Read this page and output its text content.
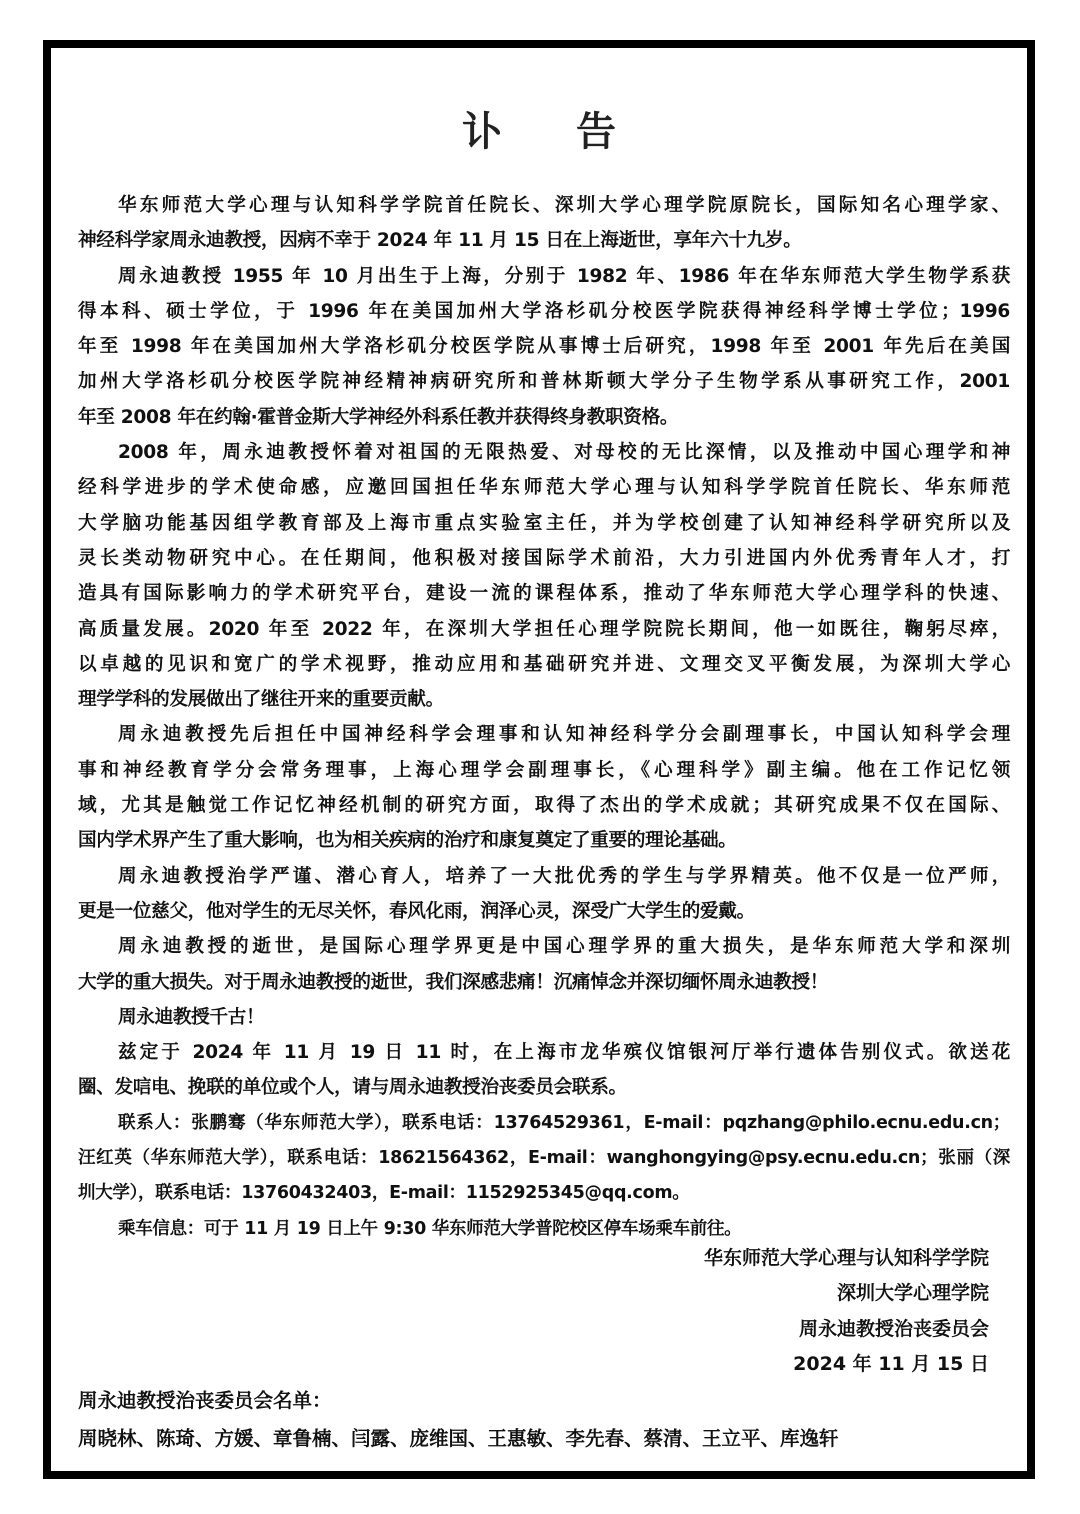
讣告
华东师范大学心理与认知科学学院首任院长、深圳大学心理学院原院长，国际知名心理学家、
神经科学家周永迪教授，因病不幸于 2024 年 11 月 15 日在上海逝世，享年六十九岁。
周永迪教授 1955 年 10 月出生于上海，分别于 1982 年、1986 年在华东师范大学生物学系获
得本科、硕士学位，于 1996 年在美国加州大学洛杉矶分校医学院获得神经科学博士学位；1996
年至 1998 年在美国加州大学洛杉矶分校医学院从事博士后研究，1998 年至 2001 年先后在美国
加州大学洛杉矶分校医学院神经精神病研究所和普林斯顿大学分子生物学系从事研究工作，2001
年至 2008 年在约翰·霍普金斯大学神经外科系任教并获得终身教职资格。
2008 年，周永迪教授怀着对祖国的无限热爱、对母校的无比深情，以及推动中国心理学和神
经科学进步的学术使命感，应邀回国担任华东师范大学心理与认知科学学院首任院长、华东师范
大学脑功能基因组学教育部及上海市重点实验室主任，并为学校创建了认知神经科学研究所以及
灵长类动物研究中心。在任期间，他积极对接国际学术前沿，大力引进国内外优秀青年人才，打
造具有国际影响力的学术研究平台，建设一流的课程体系，推动了华东师范大学心理学科的快速、
高质量发展。2020 年至 2022 年，在深圳大学担任心理学院院长期间，他一如既往，鞠躬尽瘁，
以卓越的见识和宽广的学术视野，推动应用和基础研究并进、文理交叉平衡发展，为深圳大学心
理学学科的发展做出了继往开来的重要贡献。
周永迪教授先后担任中国神经科学会理事和认知神经科学分会副理事长，中国认知科学会理
事和神经教育学分会常务理事，上海心理学会副理事长，《心理科学》副主编。他在工作记忆领
域，尤其是触觉工作记忆神经机制的研究方面，取得了杰出的学术成就；其研究成果不仅在国际、
国内学术界产生了重大影响，也为相关疾病的治疗和康复奠定了重要的理论基础。
周永迪教授治学严谨、潜心育人，培养了一大批优秀的学生与学界精英。他不仅是一位严师，
更是一位慈父，他对学生的无尽关怀，春风化雨，润泽心灵，深受广大学生的爱戴。
周永迪教授的逝世，是国际心理学界更是中国心理学界的重大损失，是华东师范大学和深圳
大学的重大损失。对于周永迪教授的逝世，我们深感悲痛！沉痛悼念并深切缅怀周永迪教授！
周永迪教授千古！
兹定于 2024 年 11 月 19 日 11 时，在上海市龙华殡仪馆银河厅举行遗体告别仪式。欲送花
圈、发唁电、挽联的单位或个人，请与周永迪教授治丧委员会联系。
联系人：张鹏骞（华东师范大学），联系电话：13764529361，E-mail：pqzhang@philo.ecnu.edu.cn；
汪红英（华东师范大学），联系电话：18621564362，E-mail：wanghongying@psy.ecnu.edu.cn；张丽（深
圳大学），联系电话：13760432403，E-mail：1152925345@qq.com。
乘车信息：可于 11 月 19 日上午 9:30 华东师范大学普陀校区停车场乘车前往。
华东师范大学心理与认知科学学院
深圳大学心理学院
周永迪教授治丧委员会
2024 年 11 月 15 日
周永迪教授治丧委员会名单：
周晓林、陈琦、方媛、章鲁楠、闫露、庞维国、王惠敏、李先春、蔡清、王立平、库逸轩
